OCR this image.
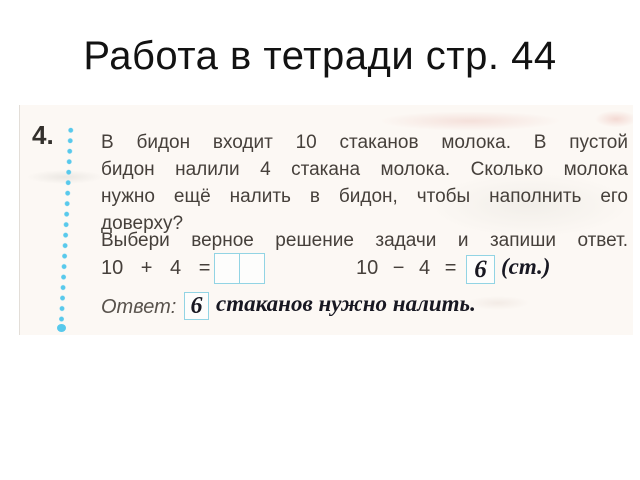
Работа в тетради стр. 44
4. В бидон входит 10 стаканов молока. В пустой
бидон налили 4 стакана молока. Сколько молока
нужно ещё налить в бидон, чтобы наполнить его
доверху?
Выбери верное решение задачи и запиши ответ.
10 + 4 =	10 − 4 = 6 (ст.)
Ответ: 6 стаканов нужно налить.
